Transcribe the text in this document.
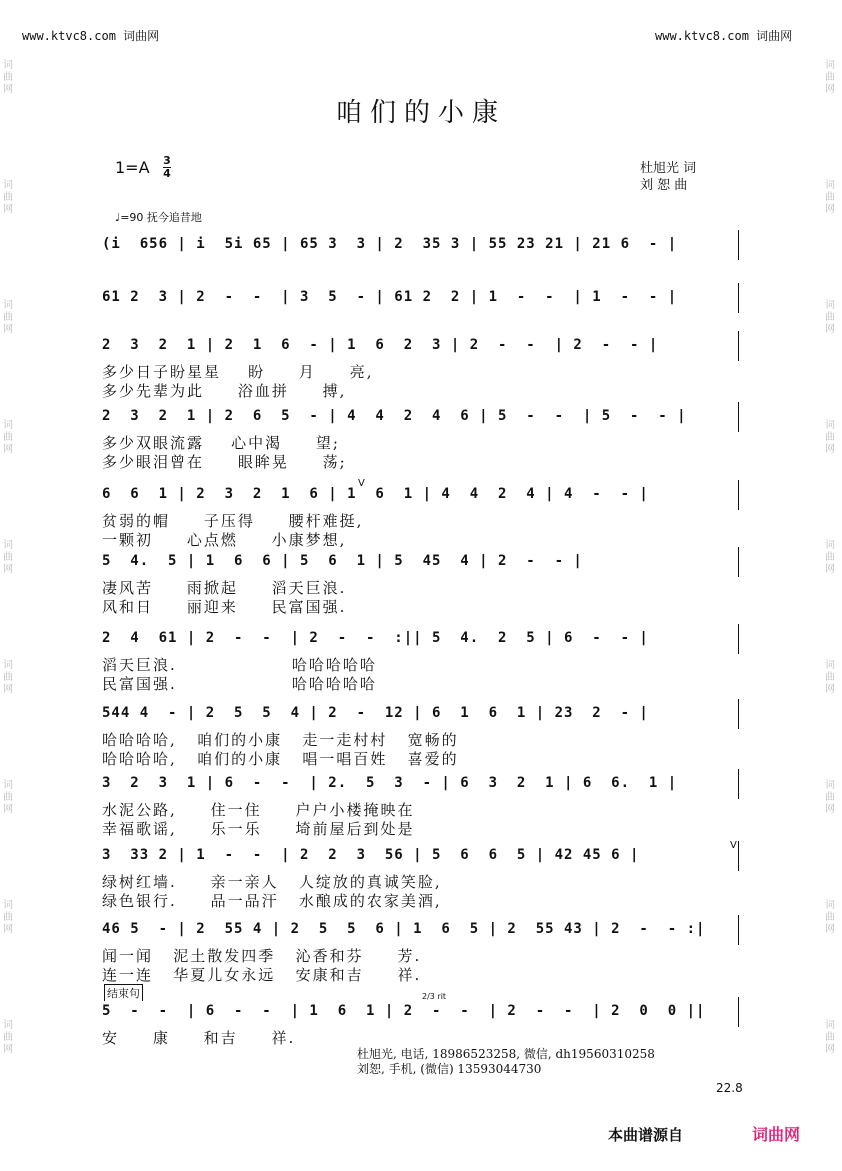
www.ktvc8.com 词曲网	www.ktvc8.com 词曲网
词曲网
词曲网
词曲网
词曲网
词曲网
词曲网
词曲网
词曲网
词曲网
词曲网
词曲网
词曲网
词曲网
词曲网
词曲网
词曲网
词曲网
词曲网
咱们的小康
1=A 3
4	杜旭光 词
刘 恕 曲
♩=90 抚今追昔地
(i  656 | i  5i 65 | 65 3  3 | 2  35 3 | 55 23 21 | 21 6  - |
61 2  3 | 2  -  -  | 3  5  - | 61 2  2 | 1  -  -  | 1  -  - |
2  3  2  1 | 2  1  6  - | 1  6  2  3 | 2  -  -  | 2  -  - |
多少日子盼星星    盼     月     亮,
多少先辈为此     浴血拼     搏,
2  3  2  1 | 2  6  5  - | 4  4  2  4  6 | 5  -  -  | 5  -  - |
多少双眼流露    心中渴     望;
多少眼泪曾在     眼眸晃     荡;
6  6  1 | 2  3  2  1  6 | 1  6  1 | 4  4  2  4 | 4  -  - |
贫弱的帽     子压得     腰杆难挺,
一颗初     心点燃     小康梦想,
5  4.  5 | 1  6  6 | 5  6  1 | 5  45  4 | 2  -  - |
凄风苦     雨掀起     滔天巨浪.
风和日     丽迎来     民富国强.
2  4  61 | 2  -  -  | 2  -  -  :|| 5  4.  2  5 | 6  -  - |
滔天巨浪.                 哈哈哈哈哈
民富国强.                 哈哈哈哈哈
544 4  - | 2  5  5  4 | 2  -  12 | 6  1  6  1 | 23  2  - |
哈哈哈哈,   咱们的小康   走一走村村   宽畅的
哈哈哈哈,   咱们的小康   唱一唱百姓   喜爱的
3  2  3  1 | 6  -  -  | 2.  5  3  - | 6  3  2  1 | 6  6.  1 |
水泥公路,     住一住     户户小楼掩映在
幸福歌谣,     乐一乐     埼前屋后到处是
3  33 2 | 1  -  -  | 2  2  3  56 | 5  6  6  5 | 42 45 6 |
绿树红墙.     亲一亲人   人绽放的真诚笑脸,
绿色银行.     品一品汗   水酿成的农家美酒,
46 5  - | 2  55 4 | 2  5  5  6 | 1  6  5 | 2  55 43 | 2  -  - :|
闻一闻   泥土散发四季   沁香和芬     芳.
连一连   华夏儿女永远   安康和吉     祥.
5  -  -  | 6  -  -  | 1  6  1 | 2  -  -  | 2  -  -  | 2  0  0 ||
安     康     和吉     祥.
结束句	2/3 rit
V
V
杜旭光, 电话, 18986523258, 微信, dh19560310258
刘恕, 手机, (微信) 13593044730
22.8
本曲谱源自	词曲网
